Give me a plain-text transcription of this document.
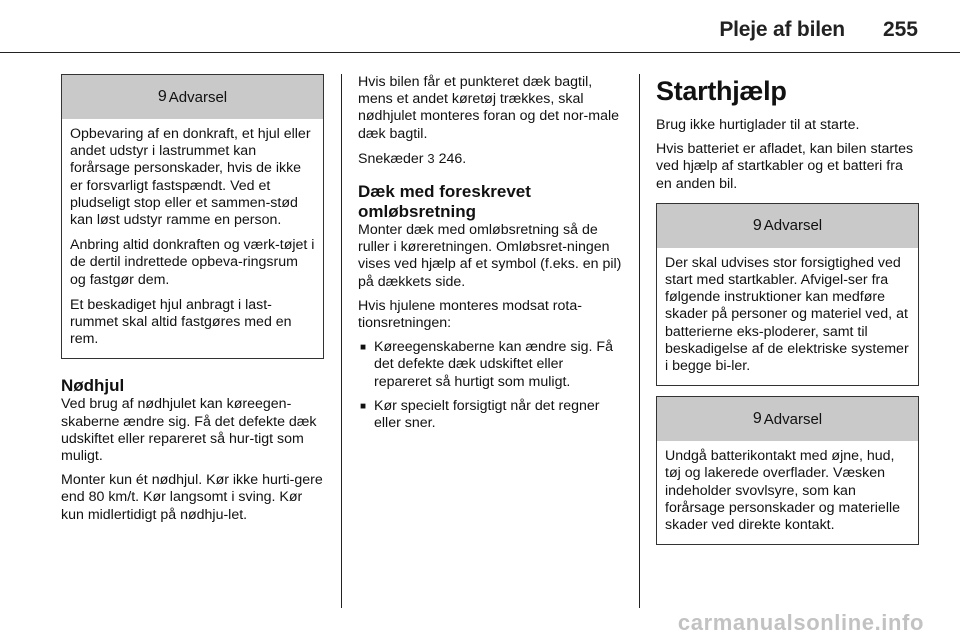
Pleje af bilen 255
9 Advarsel

Opbevaring af en donkraft, et hjul eller andet udstyr i lastrummet kan forårsage personskader, hvis de ikke er forsvarligt fastspændt. Ved et pludseligt stop eller et sammen-stød kan løst udstyr ramme en person.

Anbring altid donkraften og værk-tøjet i de dertil indrettede opbeva-ringsrum og fastgør dem.

Et beskadiget hjul anbragt i last-rummet skal altid fastgøres med en rem.

Nødhjul

Ved brug af nødhjulet kan køreegen-skaberne ændre sig. Få det defekte dæk udskiftet eller repareret så hur-tigt som muligt.

Monter kun ét nødhjul. Kør ikke hurti-gere end 80 km/t. Kør langsomt i sving. Kør kun midlertidigt på nødhju-let.

Hvis bilen får et punkteret dæk bagtil, mens et andet køretøj trækkes, skal nødhjulet monteres foran og det nor-male dæk bagtil.

Snekæder 3 246.

Dæk med foreskrevet omløbsretning

Monter dæk med omløbsretning så de ruller i køreretningen. Omløbsret-ningen vises ved hjælp af et symbol (f.eks. en pil) på dækkets side.

Hvis hjulene monteres modsat rota-tionsretningen:

■ Køreegenskaberne kan ændre sig. Få det defekte dæk udskiftet eller repareret så hurtigt som muligt.
■ Kør specielt forsigtigt når det regner eller sner.
Starthjælp

Brug ikke hurtiglader til at starte.

Hvis batteriet er afladet, kan bilen startes ved hjælp af startkabler og et batteri fra en anden bil.

9 Advarsel

Der skal udvises stor forsigtighed ved start med startkabler. Afvigel-ser fra følgende instruktioner kan medføre skader på personer og materiel ved, at batterierne eks-ploderer, samt til beskadigelse af de elektriske systemer i begge bi-ler.

9 Advarsel

Undgå batterikontakt med øjne, hud, tøj og lakerede overflader. Væsken indeholder svovlsyre, som kan forårsage personskader og materielle skader ved direkte kontakt.

carmanualsonline.info
